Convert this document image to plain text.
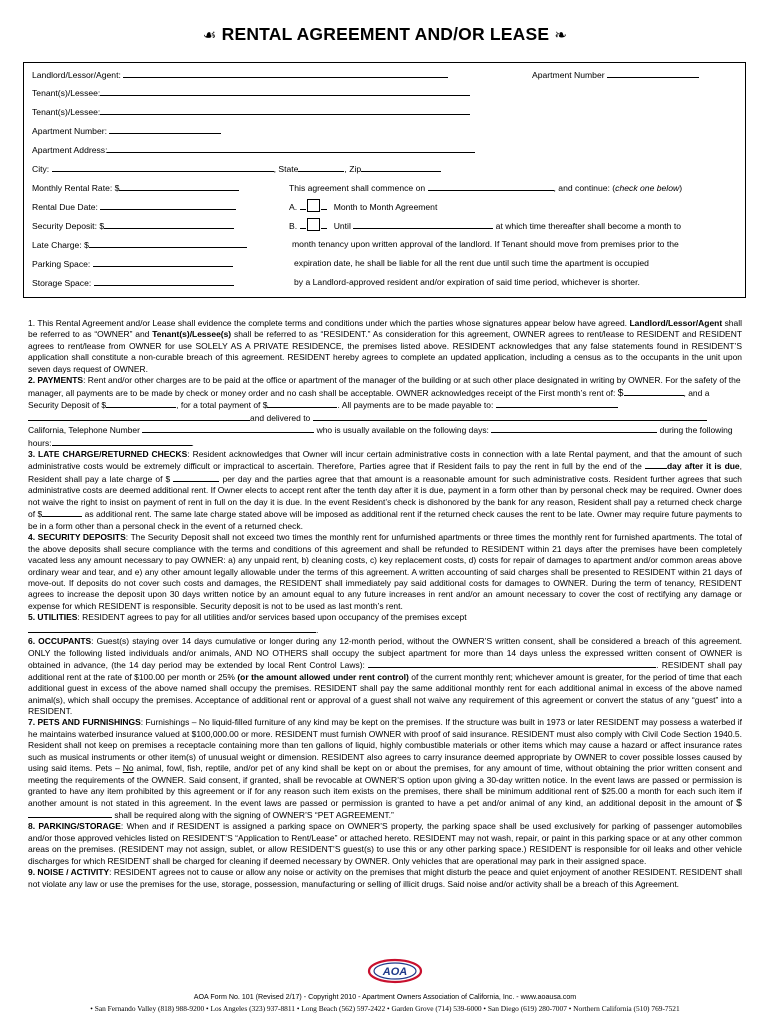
☙ RENTAL AGREEMENT AND/OR LEASE ❧
Landlord/Lessor/Agent:	Apartment Number
Tenant(s)/Lessee:
Tenant(s)/Lessee:
Apartment Number:
Apartment Address:
City:	, State	, Zip
Monthly Rental Rate: $
Rental Due Date:
Security Deposit: $
Late Charge: $
Parking Space:
Storage Space:
This agreement shall commence on	, and continue: (check one below)
A.	Month to Month Agreement
B.	Until	at which time thereafter shall become a month to
month tenancy upon written approval of the landlord. If Tenant should move from premises prior to the
expiration date, he shall be liable for all the rent due until such time the apartment is occupied
by a Landlord-approved resident and/or expiration of said time period, whichever is shorter.

1. This Rental Agreement and/or Lease shall evidence the complete terms and conditions under which the parties whose signatures appear below have agreed. Landlord/Lessor/Agent shall be referred to as “OWNER” and Tenant(s)/Lessee(s) shall be referred to as “RESIDENT.” As consideration for this agreement, OWNER agrees to rent/lease to RESIDENT and RESIDENT agrees to rent/lease from OWNER for use SOLELY AS A PRIVATE RESIDENCE, the premises listed above. RESIDENT acknowledges that any false statements found in RESIDENT’S application shall constitute a non-curable breach of this agreement. RESIDENT hereby agrees to complete an updated application, including a census as to the occupants in the unit upon seven days request of OWNER.

2. PAYMENTS: Rent and/or other charges are to be paid at the office or apartment of the manager of the building or at such other place designated in writing by OWNER. For the safety of the manager, all payments are to be made by check or money order and no cash shall be acceptable. OWNER acknowledges receipt of the First month’s rent of: $	, and a Security Deposit of $	, for a total payment of $	. All payments are to be made payable to:
and delivered to
California, Telephone Number	who is usually available on the following days:	during the following hours:	.

3. LATE CHARGE/RETURNED CHECKS: Resident acknowledges that Owner will incur certain administrative costs in connection with a late Rental payment, and that the amount of such administrative costs would be extremely difficult or impractical to ascertain. Therefore, Parties agree that if Resident fails to pay the rent in full by the end of the	day after it is due, Resident shall pay a late charge of $	per day and the parties agree that that amount is a reasonable amount for such administrative costs. Resident further agrees that such administrative costs are deemed additional rent. If Owner elects to accept rent after the tenth day after it is due, payment in a form other than by personal check may be required. Owner does not waive the right to insist on payment of rent in full on the day it is due. In the event Resident’s check is dishonored by the bank for any reason, Resident shall pay a returned check charge of $	as additional rent. The same late charge stated above will be imposed as additional rent if the returned check causes the rent to be late. Owner may require future payments to be in a form other than a personal check in the event of a returned check.

4. SECURITY DEPOSITS: The Security Deposit shall not exceed two times the monthly rent for unfurnished apartments or three times the monthly rent for furnished apartments. The total of the above deposits shall secure compliance with the terms and conditions of this agreement and shall be refunded to RESIDENT within 21 days after the premises have been completely vacated less any amount necessary to pay OWNER: a) any unpaid rent, b) cleaning costs, c) key replacement costs, d) costs for repair of damages to apartment and/or common areas above ordinary wear and tear, and e) any other amount legally allowable under the terms of this agreement. A written accounting of said charges shall be presented to RESIDENT within 21 days of move-out. If deposits do not cover such costs and damages, the RESIDENT shall immediately pay said additional costs for damages to OWNER. During the term of tenancy, RESIDENT agrees to increase the deposit upon 30 days written notice by an amount equal to any future increases in rent and/or an amount necessary to cover the cost of rectifying any damage or expense for which RESIDENT is responsible. Security deposit is not to be used as last month’s rent.

5. UTILITIES: RESIDENT agrees to pay for all utilities and/or services based upon occupancy of the premises except .

6. OCCUPANTS: Guest(s) staying over 14 days cumulative or longer during any 12-month period, without the OWNER’S written consent, shall be considered a breach of this agreement. ONLY the following listed individuals and/or animals, AND NO OTHERS shall occupy the subject apartment for more than 14 days unless the expressed written consent of OWNER is obtained in advance, (the 14 day period may be extended by local Rent Control Laws):	. RESIDENT shall pay additional rent at the rate of $100.00 per month or 25% (or the amount allowed under rent control) of the current monthly rent; whichever amount is greater, for the period of time that each additional guest in excess of the above named shall occupy the premises. RESIDENT shall pay the same additional monthly rent for each additional animal in excess of the above named animal(s), which shall occupy the premises. Acceptance of additional rent or approval of a guest shall not waive any requirement of this agreement or convert the status of any “guest” into a RESIDENT.

7. PETS AND FURNISHINGS: Furnishings – No liquid-filled furniture of any kind may be kept on the premises. If the structure was built in 1973 or later RESIDENT may possess a waterbed if he maintains waterbed insurance valued at $100,000.00 or more. RESIDENT must furnish OWNER with proof of said insurance. RESIDENT must also comply with Civil Code Section 1940.5. Resident shall not keep on premises a receptacle containing more than ten gallons of liquid, highly combustible materials or other items which may cause a hazard or affect insurance rates such as musical instruments or other item(s) of unusual weight or dimension. RESIDENT also agrees to carry insurance deemed appropriate by OWNER to cover possible losses caused by using said items. Pets – No animal, fowl, fish, reptile, and/or pet of any kind shall be kept on or about the premises, for any amount of time, without obtaining the prior written consent and meeting the requirements of the OWNER. Said consent, if granted, shall be revocable at OWNER’S option upon giving a 30-day written notice. In the event laws are passed or permission is granted to have any item prohibited by this agreement or if for any reason such item exists on the premises, there shall be minimum additional rent of $25.00 a month for each such item if another amount is not stated in this agreement. In the event laws are passed or permission is granted to have a pet and/or animal of any kind, an additional deposit in the amount of $ shall be required along with the signing of OWNER’S “PET AGREEMENT.”

8. PARKING/STORAGE: When and if RESIDENT is assigned a parking space on OWNER’S property, the parking space shall be used exclusively for parking of passenger automobiles and/or those approved vehicles listed on RESIDENT’S “Application to Rent/Lease” or attached hereto. RESIDENT may not wash, repair, or paint in this parking space or at any other common areas on the premises. (RESIDENT may not assign, sublet, or allow RESIDENT’S guest(s) to use this or any other parking space.) RESIDENT is responsible for oil leaks and other vehicle discharges for which RESIDENT shall be charged for cleaning if deemed necessary by OWNER. Only vehicles that are operational may park in their assigned space.

9. NOISE / ACTIVITY: RESIDENT agrees not to cause or allow any noise or activity on the premises that might disturb the peace and quiet enjoyment of another RESIDENT. RESIDENT shall not violate any law or use the premises for the use, storage, possession, manufacturing or selling of illicit drugs. Said noise and/or activity shall be a breach of this Agreement.

AOA
AOA Form No. 101 (Revised 2/17) - Copyright 2010 - Apartment Owners Association of California, Inc. - www.aoausa.com
• San Fernando Valley (818) 988-9200 • Los Angeles (323) 937-8811 • Long Beach (562) 597-2422 • Garden Grove (714) 539-6000 • San Diego (619) 280-7007 • Northern California (510) 769-7521
